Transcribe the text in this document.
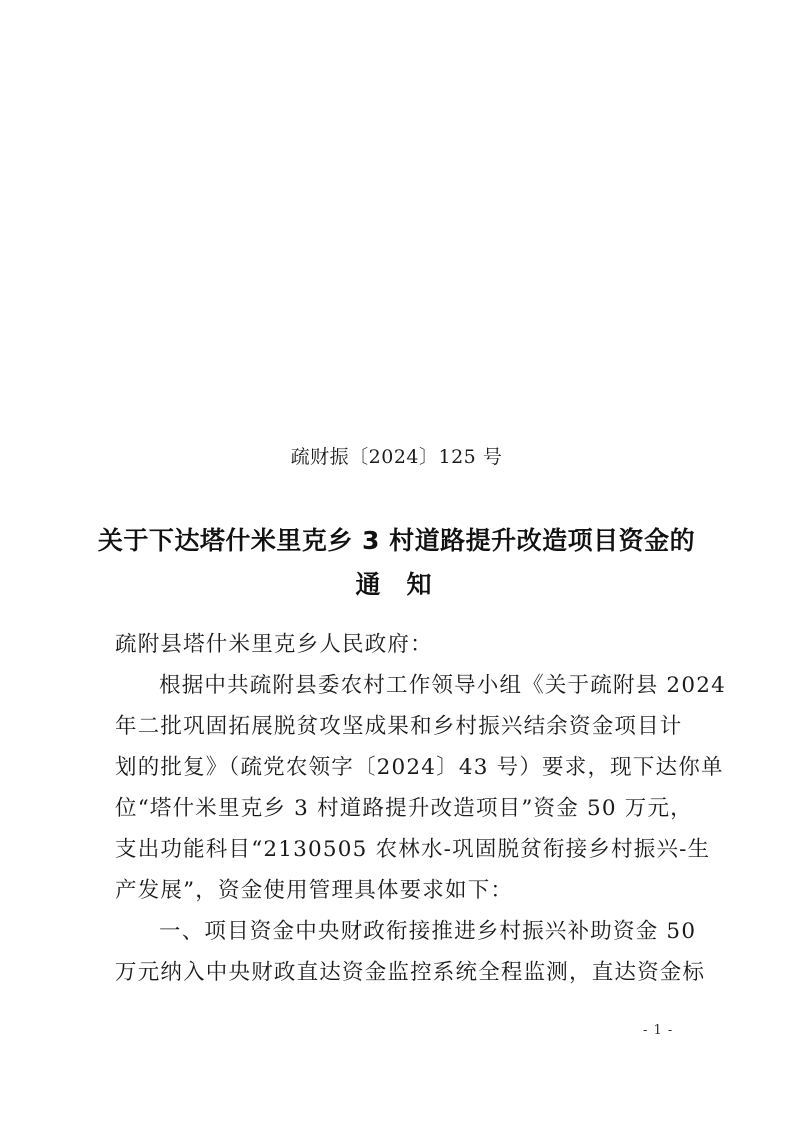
疏财振〔2024〕125 号
关于下达塔什米里克乡 3 村道路提升改造项目资金的
通知
疏附县塔什米里克乡人民政府：
根据中共疏附县委农村工作领导小组《关于疏附县 2024
年二批巩固拓展脱贫攻坚成果和乡村振兴结余资金项目计
划的批复》（疏党农领字〔2024〕43 号）要求，现下达你单
位“塔什米里克乡 3 村道路提升改造项目”资金 50 万元，
支出功能科目“2130505 农林水-巩固脱贫衔接乡村振兴-生
产发展”，资金使用管理具体要求如下：
一、项目资金中央财政衔接推进乡村振兴补助资金 50
万元纳入中央财政直达资金监控系统全程监测，直达资金标
- 1 -
